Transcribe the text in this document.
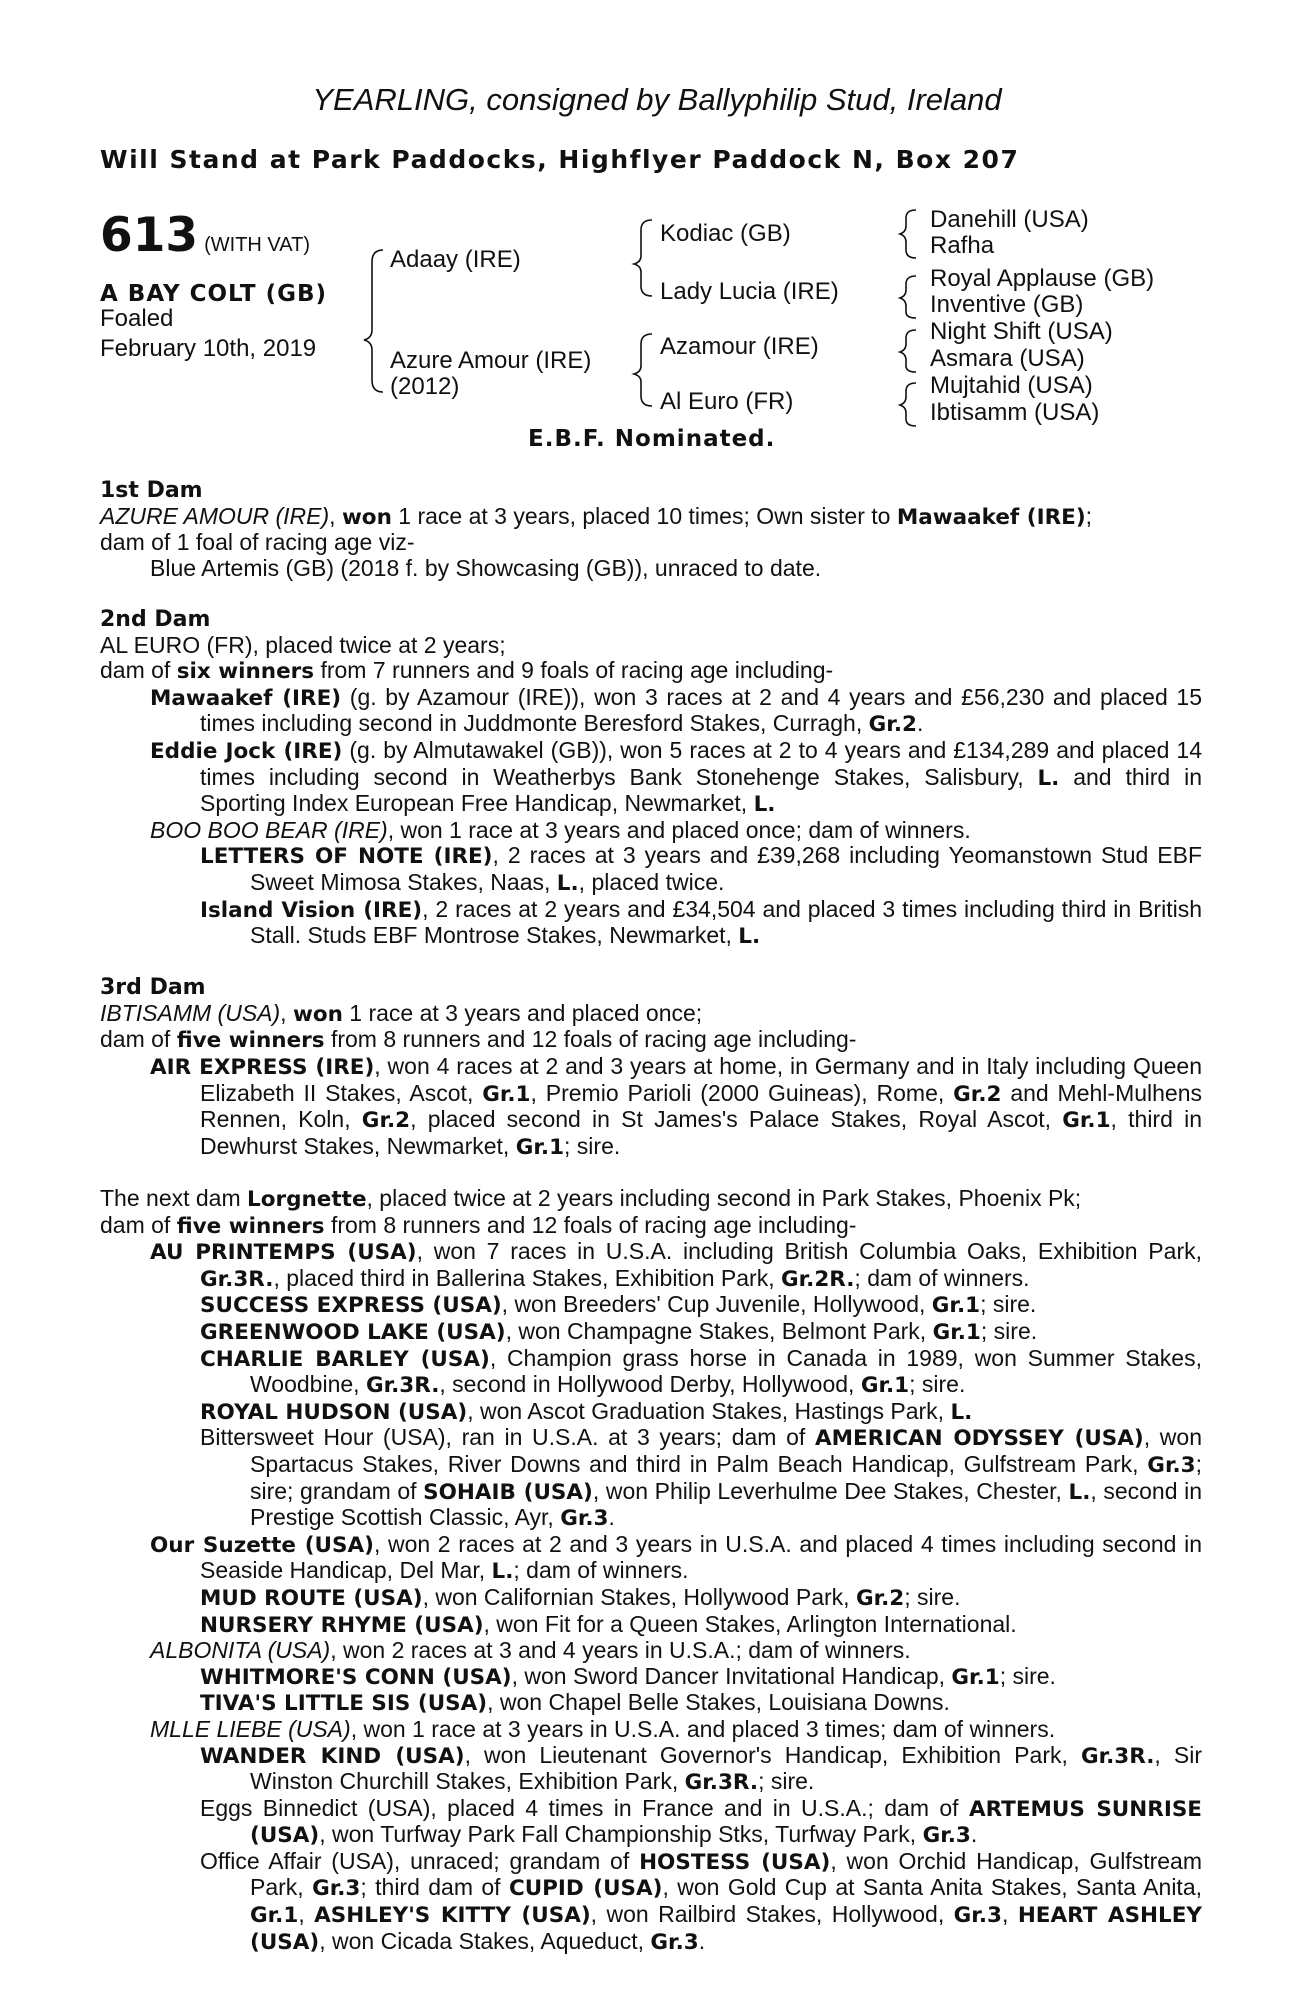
YEARLING, consigned by Ballyphilip Stud, Ireland
Will Stand at Park Paddocks, Highflyer Paddock N, Box 207
613 (WITH VAT)
A BAY COLT (GB)
Foaled
February 10th, 2019
Adaay (IRE)
Azure Amour (IRE)
(2012)
Kodiac (GB)
Lady Lucia (IRE)
Azamour (IRE)
Al Euro (FR)
Danehill (USA)
Rafha
Royal Applause (GB)
Inventive (GB)
Night Shift (USA)
Asmara (USA)
Mujtahid (USA)
Ibtisamm (USA)
E.B.F. Nominated.
1st Dam
AZURE AMOUR (IRE), won 1 race at 3 years, placed 10 times; Own sister to Mawaakef (IRE);
dam of 1 foal of racing age viz-
Blue Artemis (GB) (2018 f. by Showcasing (GB)), unraced to date.
2nd Dam
AL EURO (FR), placed twice at 2 years;
dam of six winners from 7 runners and 9 foals of racing age including-
Mawaakef (IRE) (g. by Azamour (IRE)), won 3 races at 2 and 4 years and £56,230 and placed 15 times including second in Juddmonte Beresford Stakes, Curragh, Gr.2.
Eddie Jock (IRE) (g. by Almutawakel (GB)), won 5 races at 2 to 4 years and £134,289 and placed 14 times including second in Weatherbys Bank Stonehenge Stakes, Salisbury, L. and third in Sporting Index European Free Handicap, Newmarket, L.
BOO BOO BEAR (IRE), won 1 race at 3 years and placed once; dam of winners.
LETTERS OF NOTE (IRE), 2 races at 3 years and £39,268 including Yeomanstown Stud EBF Sweet Mimosa Stakes, Naas, L., placed twice.
Island Vision (IRE), 2 races at 2 years and £34,504 and placed 3 times including third in British Stall. Studs EBF Montrose Stakes, Newmarket, L.
3rd Dam
IBTISAMM (USA), won 1 race at 3 years and placed once;
dam of five winners from 8 runners and 12 foals of racing age including-
AIR EXPRESS (IRE), won 4 races at 2 and 3 years at home, in Germany and in Italy including Queen Elizabeth II Stakes, Ascot, Gr.1, Premio Parioli (2000 Guineas), Rome, Gr.2 and Mehl-Mulhens Rennen, Koln, Gr.2, placed second in St James's Palace Stakes, Royal Ascot, Gr.1, third in Dewhurst Stakes, Newmarket, Gr.1; sire.
The next dam Lorgnette, placed twice at 2 years including second in Park Stakes, Phoenix Pk;
dam of five winners from 8 runners and 12 foals of racing age including-
AU PRINTEMPS (USA), won 7 races in U.S.A. including British Columbia Oaks, Exhibition Park, Gr.3R., placed third in Ballerina Stakes, Exhibition Park, Gr.2R.; dam of winners.
SUCCESS EXPRESS (USA), won Breeders' Cup Juvenile, Hollywood, Gr.1; sire.
GREENWOOD LAKE (USA), won Champagne Stakes, Belmont Park, Gr.1; sire.
CHARLIE BARLEY (USA), Champion grass horse in Canada in 1989, won Summer Stakes, Woodbine, Gr.3R., second in Hollywood Derby, Hollywood, Gr.1; sire.
ROYAL HUDSON (USA), won Ascot Graduation Stakes, Hastings Park, L.
Bittersweet Hour (USA), ran in U.S.A. at 3 years; dam of AMERICAN ODYSSEY (USA), won Spartacus Stakes, River Downs and third in Palm Beach Handicap, Gulfstream Park, Gr.3; sire; grandam of SOHAIB (USA), won Philip Leverhulme Dee Stakes, Chester, L., second in Prestige Scottish Classic, Ayr, Gr.3.
Our Suzette (USA), won 2 races at 2 and 3 years in U.S.A. and placed 4 times including second in Seaside Handicap, Del Mar, L.; dam of winners.
MUD ROUTE (USA), won Californian Stakes, Hollywood Park, Gr.2; sire.
NURSERY RHYME (USA), won Fit for a Queen Stakes, Arlington International.
ALBONITA (USA), won 2 races at 3 and 4 years in U.S.A.; dam of winners.
WHITMORE'S CONN (USA), won Sword Dancer Invitational Handicap, Gr.1; sire.
TIVA'S LITTLE SIS (USA), won Chapel Belle Stakes, Louisiana Downs.
MLLE LIEBE (USA), won 1 race at 3 years in U.S.A. and placed 3 times; dam of winners.
WANDER KIND (USA), won Lieutenant Governor's Handicap, Exhibition Park, Gr.3R., Sir Winston Churchill Stakes, Exhibition Park, Gr.3R.; sire.
Eggs Binnedict (USA), placed 4 times in France and in U.S.A.; dam of ARTEMUS SUNRISE (USA), won Turfway Park Fall Championship Stks, Turfway Park, Gr.3.
Office Affair (USA), unraced; grandam of HOSTESS (USA), won Orchid Handicap, Gulfstream Park, Gr.3; third dam of CUPID (USA), won Gold Cup at Santa Anita Stakes, Santa Anita, Gr.1, ASHLEY'S KITTY (USA), won Railbird Stakes, Hollywood, Gr.3, HEART ASHLEY (USA), won Cicada Stakes, Aqueduct, Gr.3.
